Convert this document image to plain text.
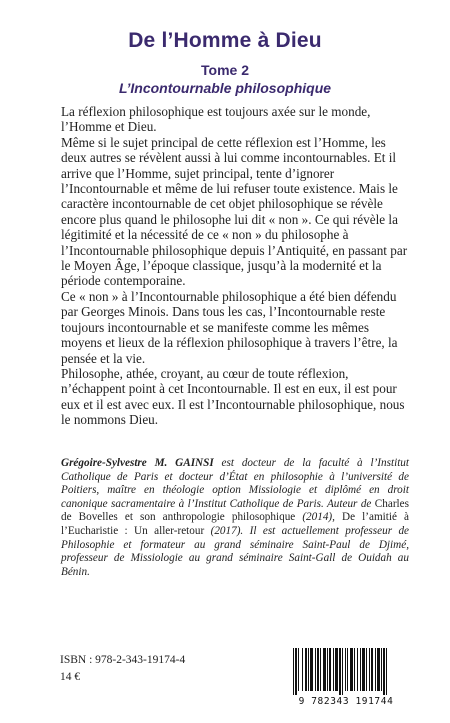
De l’Homme à Dieu
Tome 2
L’Incontournable philosophique

La réflexion philosophique est toujours axée sur le monde, l’Homme et Dieu.

Même si le sujet principal de cette réflexion est l’Homme, les deux autres se révèlent aussi à lui comme incontournables. Et il arrive que l’Homme, sujet principal, tente d’ignorer l’Incontournable et même de lui refuser toute existence. Mais le caractère incontournable de cet objet philosophique se révèle encore plus quand le philosophe lui dit « non ». Ce qui révèle la légitimité et la nécessité de ce « non » du philosophe à l’Incontournable philosophique depuis l’Antiquité, en passant par le Moyen Âge, l’époque classique, jusqu’à la modernité et la période contemporaine.

Ce « non » à l’Incontournable philosophique a été bien défendu par Georges Minois. Dans tous les cas, l’Incontournable reste toujours incontournable et se manifeste comme les mêmes moyens et lieux de la réflexion philosophique à travers l’être, la pensée et la vie.

Philosophe, athée, croyant, au cœur de toute réflexion, n’échappent point à cet Incontournable. Il est en eux, il est pour eux et il est avec eux. Il est l’Incontournable philosophique, nous le nommons Dieu.

Grégoire-Sylvestre M. GAINSI est docteur de la faculté à l’Institut Catholique de Paris et docteur d’État en philosophie à l’université de Poitiers, maître en théologie option Missiologie et diplômé en droit canonique sacramentaire à l’Institut Catholique de Paris. Auteur de Charles de Bovelles et son anthropologie philosophique (2014), De l’amitié à l’Eucharistie : Un aller-retour (2017). Il est actuellement professeur de Philosophie et formateur au grand séminaire Saint-Paul de Djimé, professeur de Missiologie au grand séminaire Saint-Gall de Ouidah au Bénin.
ISBN : 978-2-343-19174-4
14 €
9 782343 191744
